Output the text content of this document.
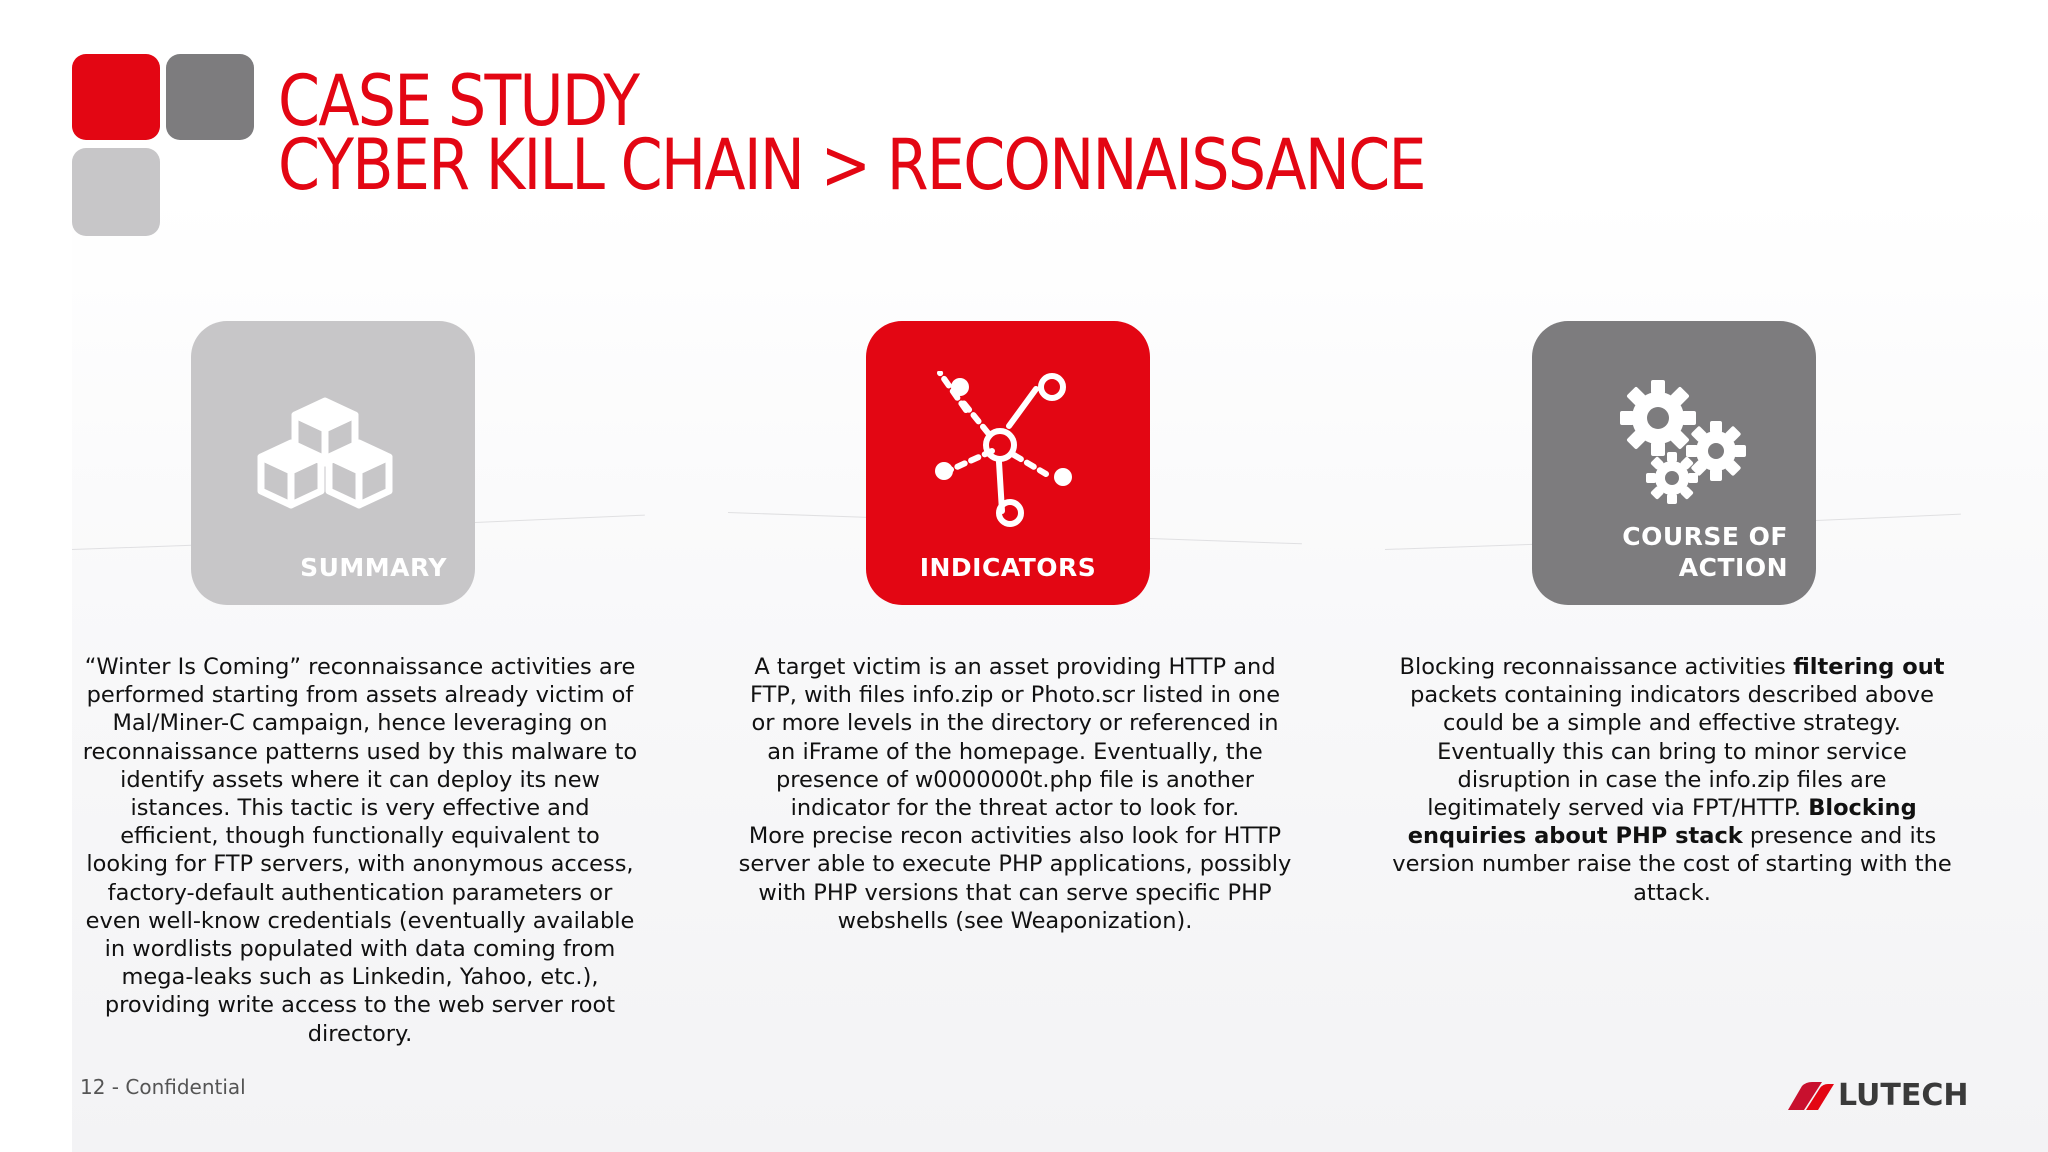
CASE STUDY
CYBER KILL CHAIN > RECONNAISSANCE
SUMMARY	INDICATORS
COURSE OF
ACTION
“Winter Is Coming” reconnaissance activities are performed starting from assets already victim of Mal/Miner-C campaign, hence leveraging on reconnaissance patterns used by this malware to identify assets where it can deploy its new istances. This tactic is very effective and efficient, though functionally equivalent to looking for FTP servers, with anonymous access, factory-default authentication parameters or even well-know credentials (eventually available in wordlists populated with data coming from mega-leaks such as Linkedin, Yahoo, etc.), providing write access to the web server root directory.
A target victim is an asset providing HTTP and FTP, with files info.zip or Photo.scr listed in one or more levels in the directory or referenced in an iFrame of the homepage. Eventually, the presence of w0000000t.php file is another indicator for the threat actor to look for.
More precise recon activities also look for HTTP server able to execute PHP applications, possibly with PHP versions that can serve specific PHP webshells (see Weaponization).
Blocking reconnaissance activities filtering out packets containing indicators described above could be a simple and effective strategy. Eventually this can bring to minor service disruption in case the info.zip files are legitimately served via FPT/HTTP. Blocking enquiries about PHP stack presence and its version number raise the cost of starting with the attack.
12 - Confidential	LUTECH
